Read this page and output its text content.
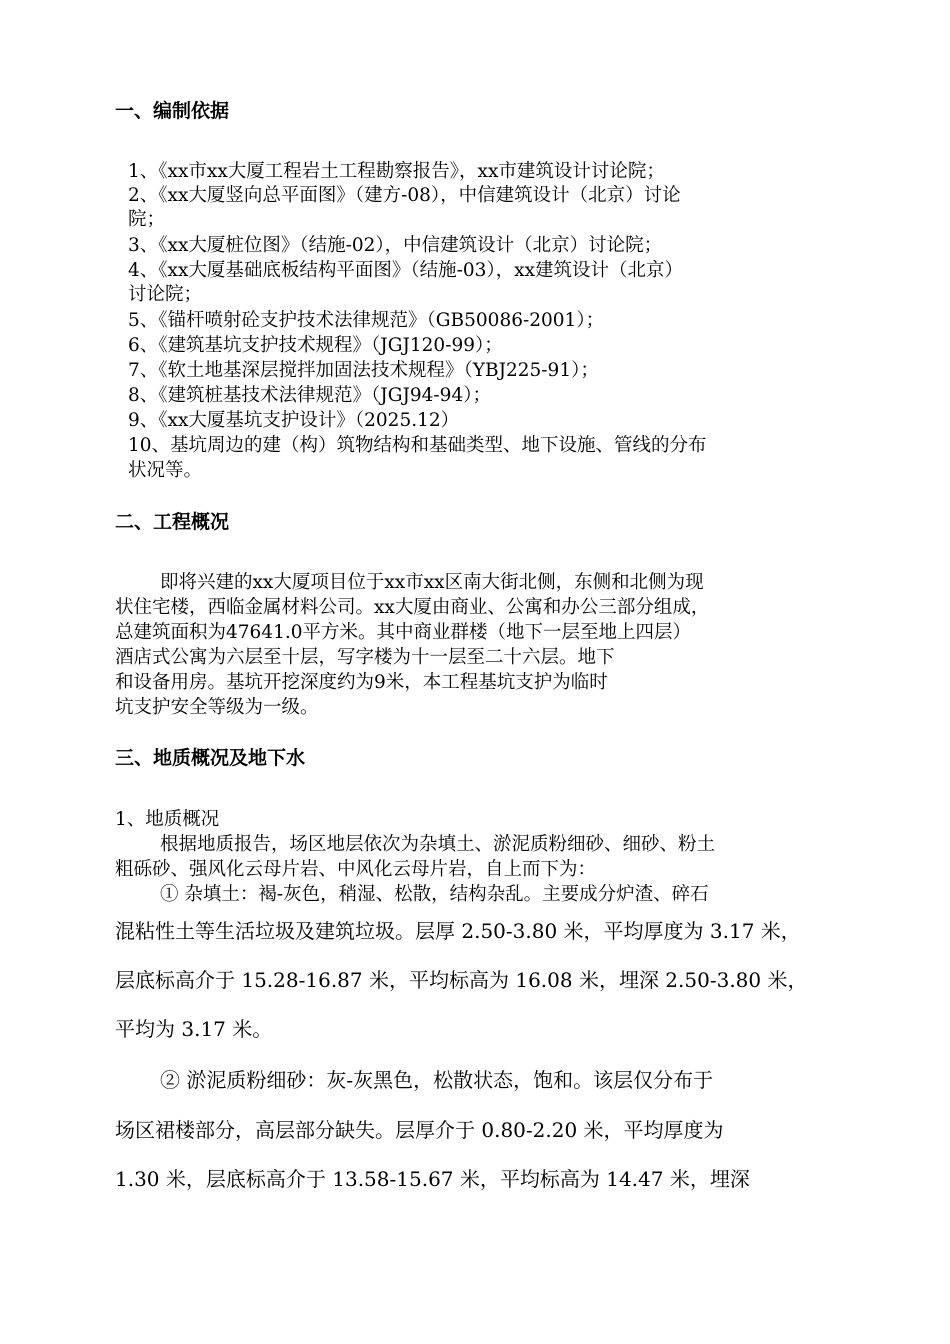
一、编制依据
1、《xx市xx大厦工程岩土工程勘察报告》，xx市建筑设计讨论院；
2、《xx大厦竖向总平面图》（建方-08），中信建筑设计（北京）讨论
院；
3、《xx大厦桩位图》（结施-02），中信建筑设计（北京）讨论院；
4、《xx大厦基础底板结构平面图》（结施-03），xx建筑设计（北京）
讨论院；
5、《锚杆喷射砼支护技术法律规范》（GB50086-2001）；
6、《建筑基坑支护技术规程》（JGJ120-99）；
7、《软土地基深层搅拌加固法技术规程》（YBJ225-91）；
8、《建筑桩基技术法律规范》（JGJ94-94）；
9、《xx大厦基坑支护设计》（2025.12）
10、基坑周边的建（构）筑物结构和基础类型、地下设施、管线的分布
状况等。
二、工程概况
即将兴建的xx大厦项目位于xx市xx区南大街北侧，东侧和北侧为现
状住宅楼，西临金属材料公司。xx大厦由商业、公寓和办公三部分组成，
总建筑面积为47641.0平方米。其中商业群楼（地下一层至地上四层）
酒店式公寓为六层至十层，写字楼为十一层至二十六层。地下
和设备用房。基坑开挖深度约为9米，本工程基坑支护为临时
坑支护安全等级为一级。
三、地质概况及地下水
1、地质概况
根据地质报告，场区地层依次为杂填土、淤泥质粉细砂、细砂、粉土
粗砾砂、强风化云母片岩、中风化云母片岩，自上而下为：
① 杂填土：褐-灰色，稍湿、松散，结构杂乱。主要成分炉渣、碎石
混粘性土等生活垃圾及建筑垃圾。层厚 2.50-3.80 米，平均厚度为 3.17 米，
层底标高介于 15.28-16.87 米，平均标高为 16.08 米，埋深 2.50-3.80 米，
平均为 3.17 米。
② 淤泥质粉细砂：灰-灰黑色，松散状态，饱和。该层仅分布于
场区裙楼部分，高层部分缺失。层厚介于 0.80-2.20 米，平均厚度为
1.30 米，层底标高介于 13.58-15.67 米，平均标高为 14.47 米，埋深
